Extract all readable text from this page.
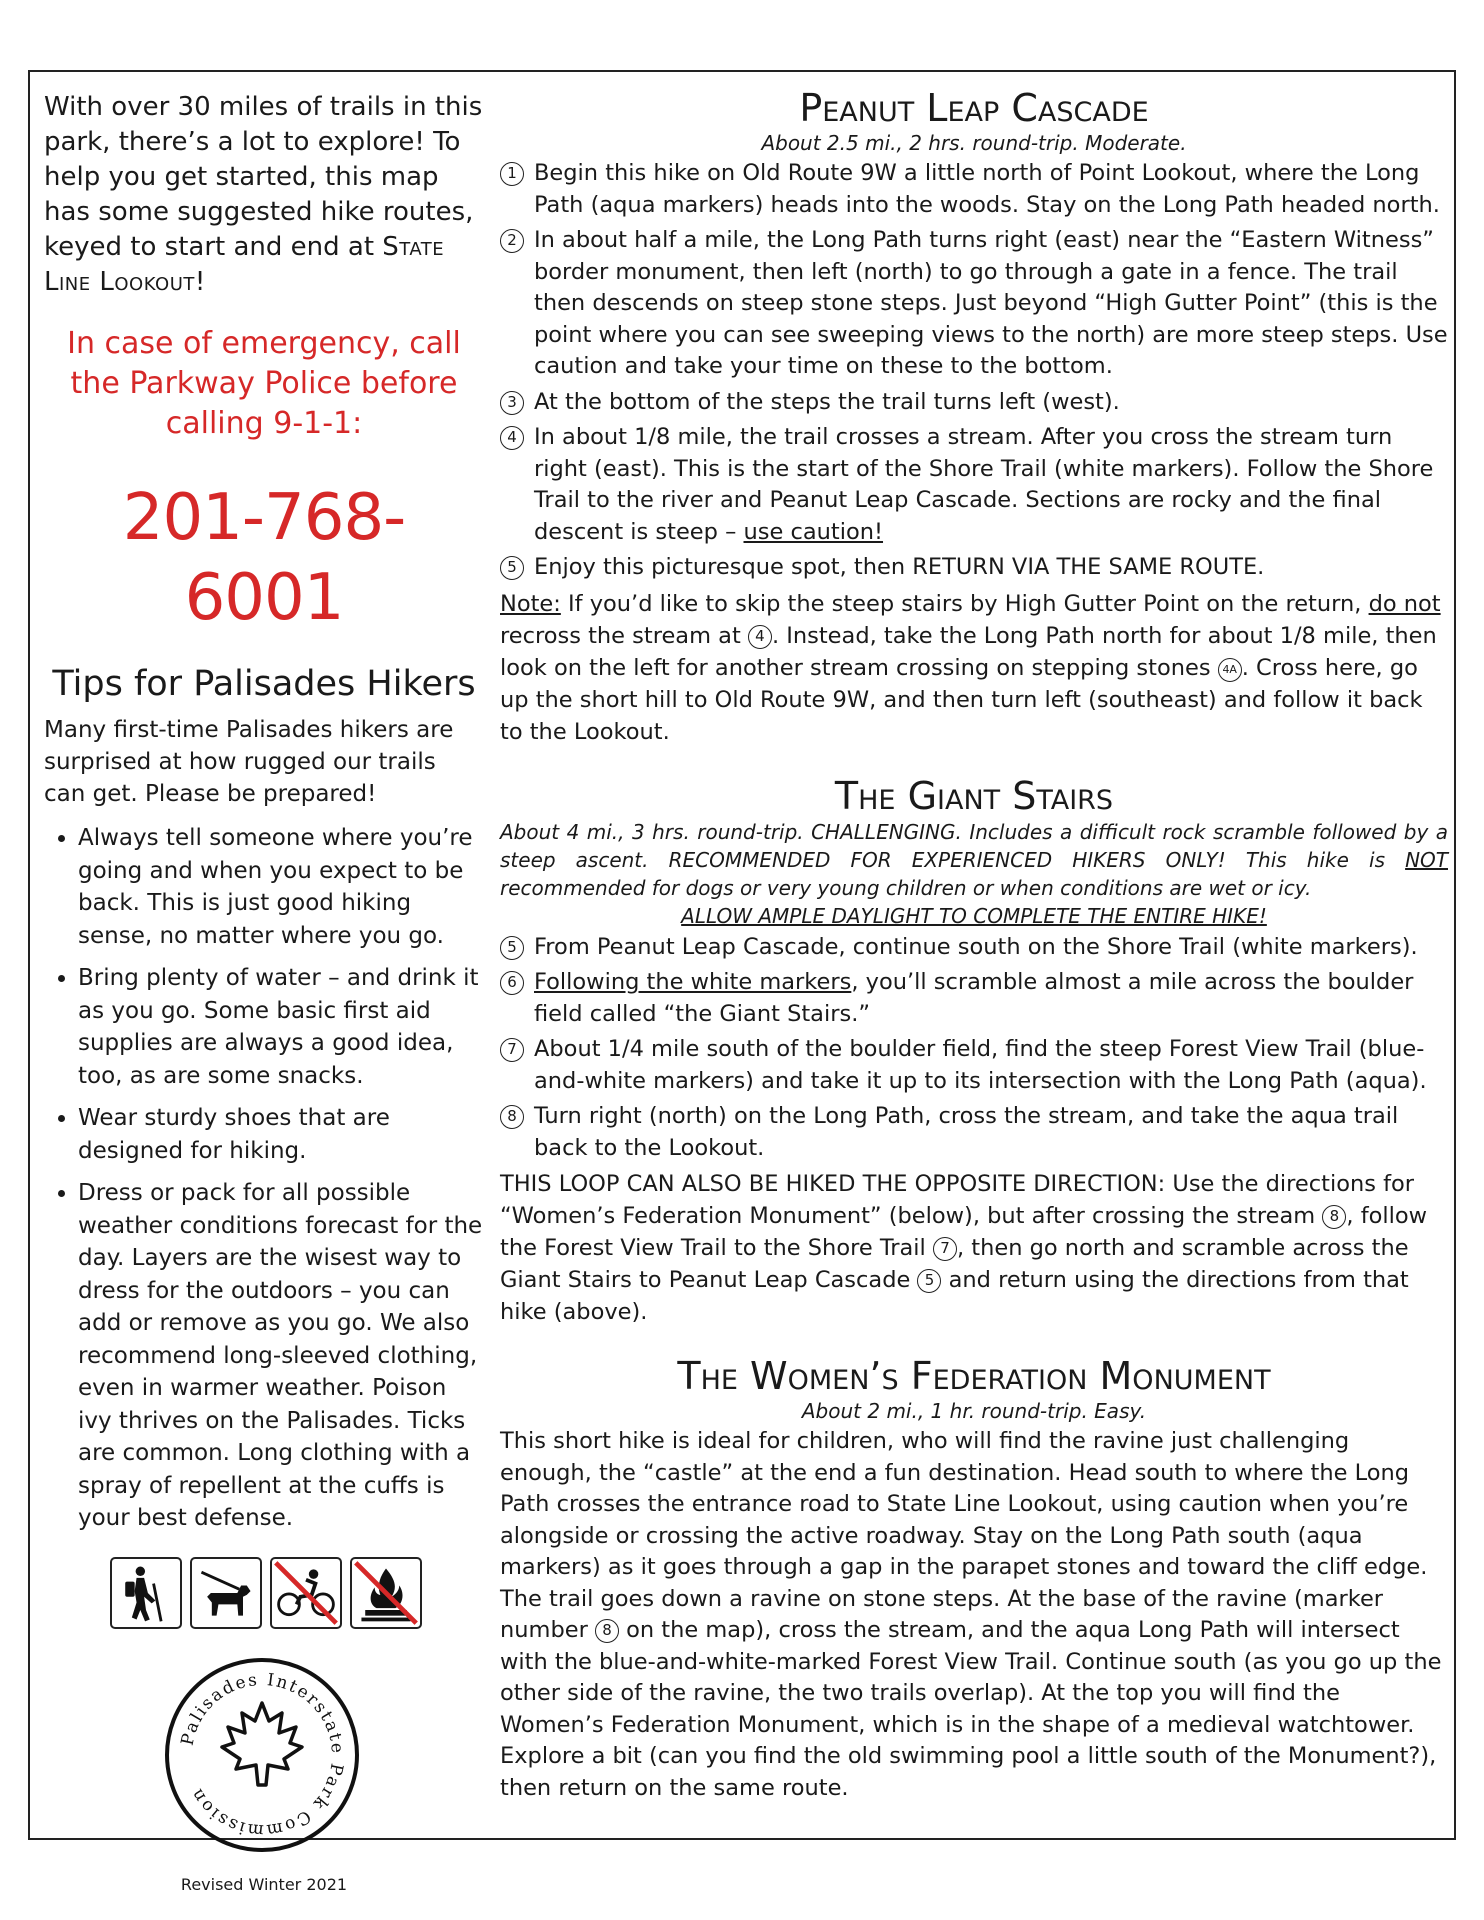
With over 30 miles of trails in this park, there’s a lot to explore! To help you get started, this map has some suggested hike routes, keyed to start and end at State Line Lookout!

In case of emergency, call the Parkway Police before calling 9-1-1:

201-768-6001

Tips for Palisades Hikers

Many first-time Palisades hikers are surprised at how rugged our trails can get. Please be prepared!

• Always tell someone where you’re going and when you expect to be back. This is just good hiking sense, no matter where you go.
• Bring plenty of water – and drink it as you go. Some basic first aid supplies are always a good idea, too, as are some snacks.
• Wear sturdy shoes that are designed for hiking.
• Dress or pack for all possible weather conditions forecast for the day. Layers are the wisest way to dress for the outdoors – you can add or remove as you go. We also recommend long-sleeved clothing, even in warmer weather. Poison ivy thrives on the Palisades. Ticks are common. Long clothing with a spray of repellent at the cuffs is your best defense.
Palisades Interstate Park Commission

Revised Winter 2021

Peanut Leap Cascade

About 2.5 mi., 2 hrs. round-trip. Moderate.

1 Begin this hike on Old Route 9W a little north of Point Lookout, where the Long Path (aqua markers) heads into the woods. Stay on the Long Path headed north.
2 In about half a mile, the Long Path turns right (east) near the “Eastern Witness” border monument, then left (north) to go through a gate in a fence. The trail then descends on steep stone steps. Just beyond “High Gutter Point” (this is the point where you can see sweeping views to the north) are more steep steps. Use caution and take your time on these to the bottom.
3 At the bottom of the steps the trail turns left (west).
4 In about 1/8 mile, the trail crosses a stream. After you cross the stream turn right (east). This is the start of the Shore Trail (white markers). Follow the Shore Trail to the river and Peanut Leap Cascade. Sections are rocky and the final descent is steep – use caution!
5 Enjoy this picturesque spot, then RETURN VIA THE SAME ROUTE.

Note: If you’d like to skip the steep stairs by High Gutter Point on the return, do not recross the stream at 4 . Instead, take the Long Path north for about 1/8 mile, then look on the left for another stream crossing on stepping stones 4A . Cross here, go up the short hill to Old Route 9W, and then turn left (southeast) and follow it back to the Lookout.

The Giant Stairs

About 4 mi., 3 hrs. round-trip. CHALLENGING. Includes a difficult rock scramble followed by a steep ascent. RECOMMENDED FOR EXPERIENCED HIKERS ONLY! This hike is NOT recommended for dogs or very young children or when conditions are wet or icy.
ALLOW AMPLE DAYLIGHT TO COMPLETE THE ENTIRE HIKE!

5 From Peanut Leap Cascade, continue south on the Shore Trail (white markers).
6 Following the white markers, you’ll scramble almost a mile across the boulder field called “the Giant Stairs.”
7 About 1/4 mile south of the boulder field, find the steep Forest View Trail (blue-and-white markers) and take it up to its intersection with the Long Path (aqua).
8 Turn right (north) on the Long Path, cross the stream, and take the aqua trail back to the Lookout.

THIS LOOP CAN ALSO BE HIKED THE OPPOSITE DIRECTION: Use the directions for “Women’s Federation Monument” (below), but after crossing the stream 8 , follow the Forest View Trail to the Shore Trail 7 , then go north and scramble across the Giant Stairs to Peanut Leap Cascade 5 and return using the directions from that hike (above).

The Women’s Federation Monument

About 2 mi., 1 hr. round-trip. Easy.

This short hike is ideal for children, who will find the ravine just challenging enough, the “castle” at the end a fun destination. Head south to where the Long Path crosses the entrance road to State Line Lookout, using caution when you’re alongside or crossing the active roadway. Stay on the Long Path south (aqua markers) as it goes through a gap in the parapet stones and toward the cliff edge. The trail goes down a ravine on stone steps. At the base of the ravine (marker number 8 on the map), cross the stream, and the aqua Long Path will intersect with the blue-and-white-marked Forest View Trail. Continue south (as you go up the other side of the ravine, the two trails overlap). At the top you will find the Women’s Federation Monument, which is in the shape of a medieval watchtower. Explore a bit (can you find the old swimming pool a little south of the Monument?), then return on the same route.
